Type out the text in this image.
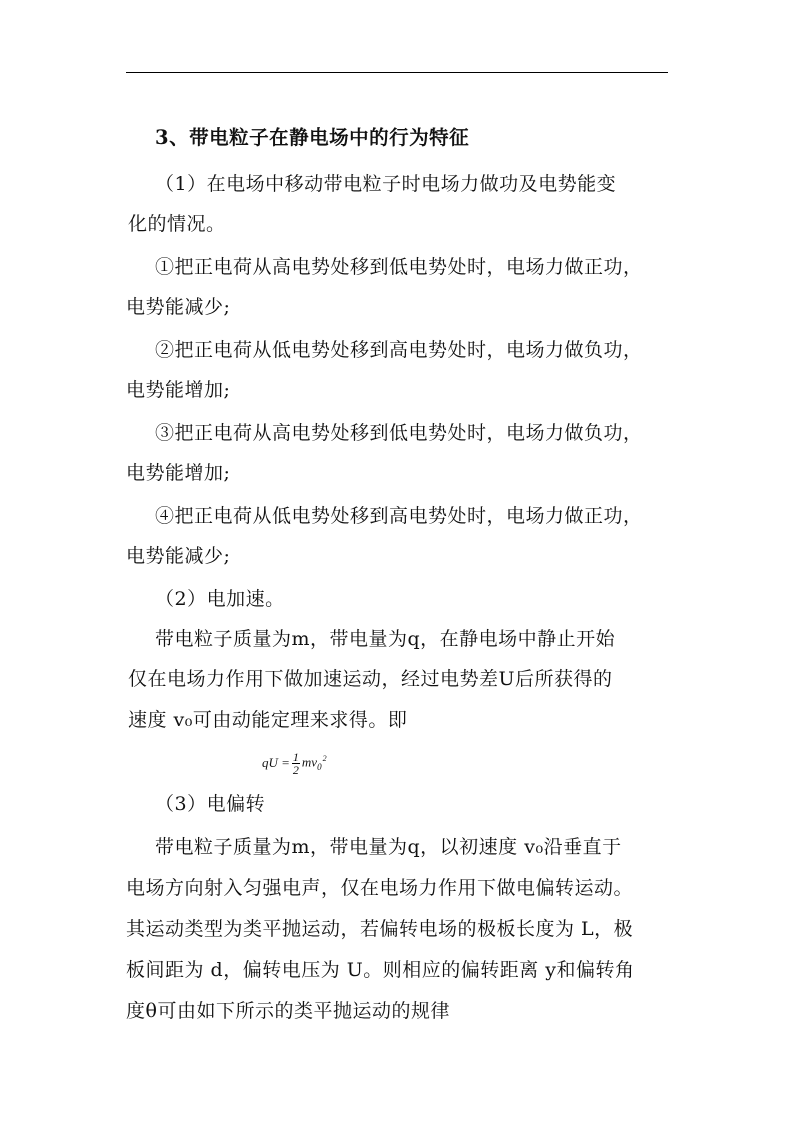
3、带电粒子在静电场中的行为特征
（1）在电场中移动带电粒子时电场力做功及电势能变
化的情况。
①把正电荷从高电势处移到低电势处时，电场力做正功，
电势能减少;
②把正电荷从低电势处移到高电势处时，电场力做负功，
电势能增加;
③把正电荷从高电势处移到低电势处时，电场力做负功，
电势能增加;
④把正电荷从低电势处移到高电势处时，电场力做正功，
电势能减少;
（2）电加速。
带电粒子质量为m，带电量为q，在静电场中静止开始
仅在电场力作用下做加速运动，经过电势差U后所获得的
速度 v₀可由动能定理来求得。即
qU = $\frac{1}{2} mv_0^2$
（3）电偏转
带电粒子质量为m，带电量为q，以初速度 v₀沿垂直于
电场方向射入匀强电声，仅在电场力作用下做电偏转运动。
其运动类型为类平抛运动，若偏转电场的极板长度为 L，极
板间距为 d，偏转电压为 U。则相应的偏转距离 y和偏转角
度θ可由如下所示的类平抛运动的规律
